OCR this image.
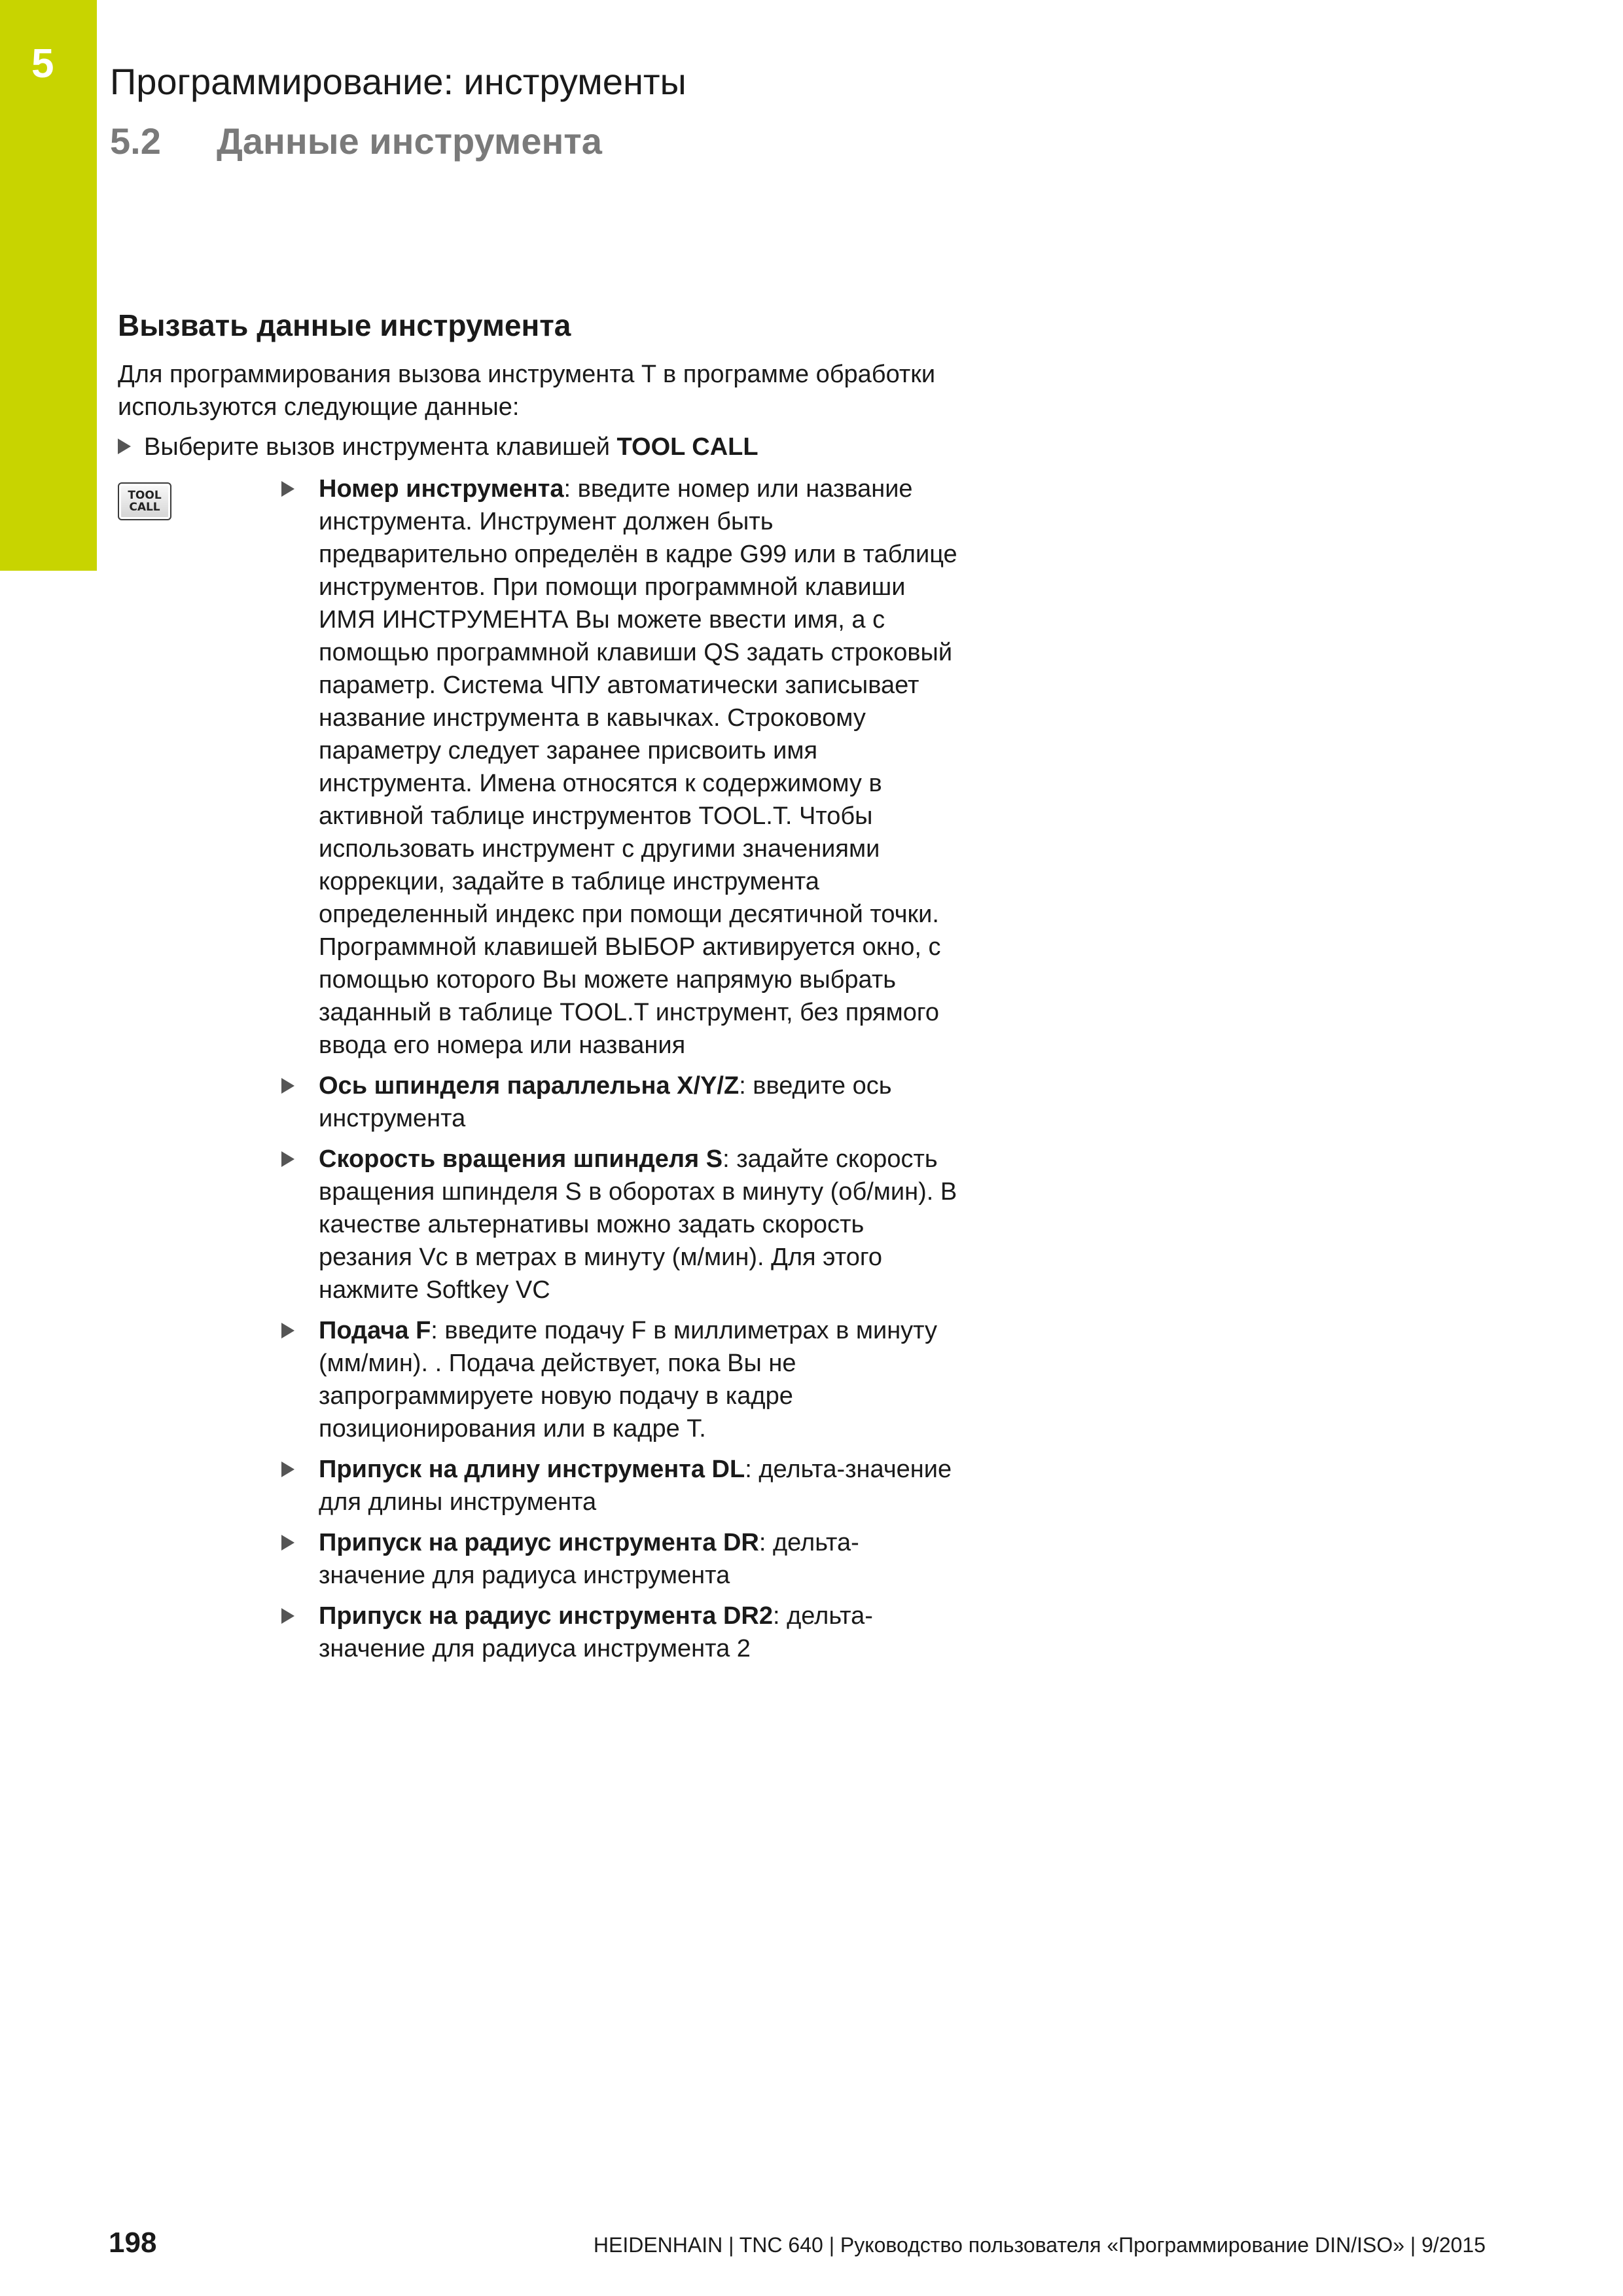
5 Программирование: инструменты
5.2 Данные инструмента
Вызвать данные инструмента

Для программирования вызова инструмента T в программе обработки используются следующие данные:

Выберите вызов инструмента клавишей TOOL CALL
TOOL
CALL
Номер инструмента: введите номер или название инструмента. Инструмент должен быть предварительно определён в кадре G99 или в таблице инструментов. При помощи программной клавиши ИМЯ ИНСТРУМЕНТА Вы можете ввести имя, а с помощью программной клавиши QS задать строковый параметр. Система ЧПУ автоматически записывает название инструмента в кавычках. Строковому параметру следует заранее присвоить имя инструмента. Имена относятся к содержимому в активной таблице инструментов TOOL.T. Чтобы использовать инструмент с другими значениями коррекции, задайте в таблице инструмента определенный индекс при помощи десятичной точки. Программной клавишей ВЫБОР активируется окно, с помощью которого Вы можете напрямую выбрать заданный в таблице TOOL.T инструмент, без прямого ввода его номера или названия
Ось шпинделя параллельна X/Y/Z: введите ось инструмента
Скорость вращения шпинделя S: задайте скорость вращения шпинделя S в оборотах в минуту (об/мин). В качестве альтернативы можно задать скорость резания Vc в метрах в минуту (м/мин). Для этого нажмите Softkey VC
Подача F: введите подачу F в миллиметрах в минуту (мм/мин). . Подача действует, пока Вы не запрограммируете новую подачу в кадре позиционирования или в кадре T.
Припуск на длину инструмента DL: дельта-значение для длины инструмента
Припуск на радиус инструмента DR: дельта-значение для радиуса инструмента
Припуск на радиус инструмента DR2: дельта-значение для радиуса инструмента 2
198	HEIDENHAIN | TNC 640 | Руководство пользователя «Программирование DIN/ISO» | 9/2015
